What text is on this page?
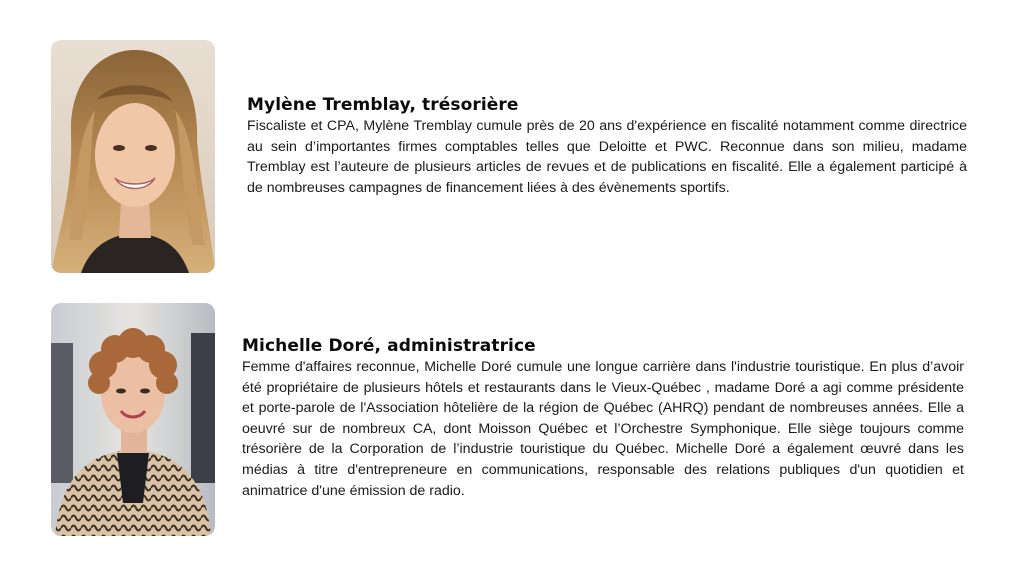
Mylène Tremblay, trésorière

Fiscaliste et CPA, Mylène Tremblay cumule près de 20 ans d'expérience en fiscalité notamment comme directrice au sein d’importantes firmes comptables telles que Deloitte et PWC. Reconnue dans son milieu, madame Tremblay est l’auteure de plusieurs articles de revues et de publications en fiscalité. Elle a également participé à de nombreuses campagnes de financement liées à des évènements sportifs.

Michelle Doré, administratrice

Femme d'affaires reconnue, Michelle Doré cumule une longue carrière dans l'industrie touristique. En plus d’avoir été propriétaire de plusieurs hôtels et restaurants dans le Vieux-Québec , madame Doré a agi comme présidente et porte-parole de l'Association hôtelière de la région de Québec (AHRQ) pendant de nombreuses années. Elle a oeuvré sur de nombreux CA, dont Moisson Québec et l’Orchestre Symphonique. Elle siège toujours comme trésorière de la Corporation de l’industrie touristique du Québec. Michelle Doré a également œuvré dans les médias à titre d'entrepreneure en communications, responsable des relations publiques d'un quotidien et animatrice d'une émission de radio.
